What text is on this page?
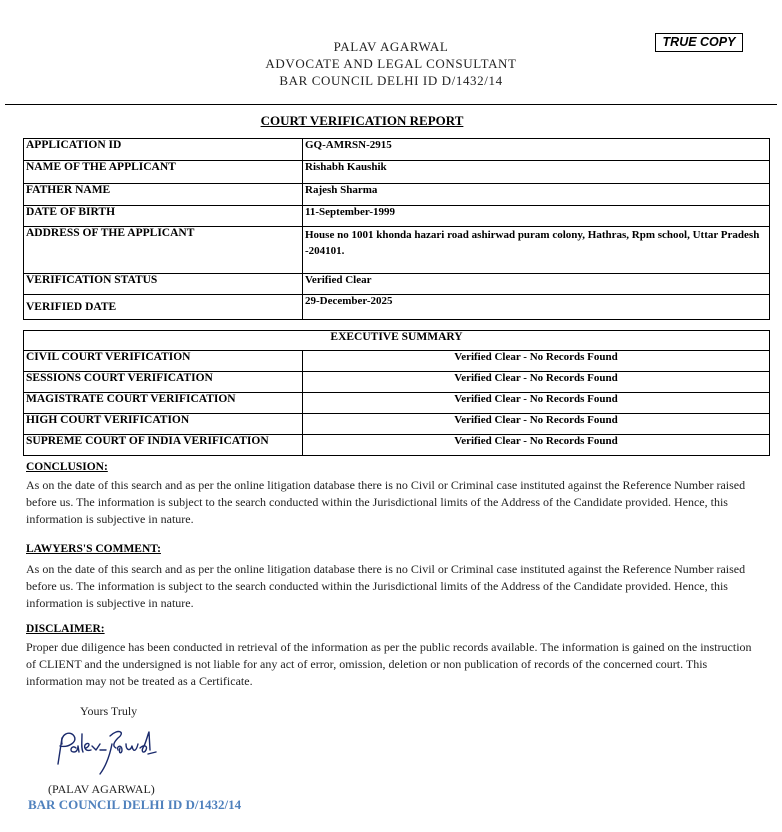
PALAV AGARWAL
ADVOCATE AND LEGAL CONSULTANT
BAR COUNCIL DELHI ID D/1432/14
TRUE COPY
COURT VERIFICATION REPORT
APPLICATION ID	GQ-AMRSN-2915
NAME OF THE APPLICANT	Rishabh Kaushik
FATHER NAME	Rajesh Sharma
DATE OF BIRTH	11-September-1999
ADDRESS OF THE APPLICANT	House no 1001 khonda hazari road ashirwad puram colony, Hathras, Rpm school, Uttar Pradesh -204101.
VERIFICATION STATUS	Verified Clear
VERIFIED DATE	29-December-2025
EXECUTIVE SUMMARY	
CIVIL COURT VERIFICATION	Verified Clear - No Records Found
SESSIONS COURT VERIFICATION	Verified Clear - No Records Found
MAGISTRATE COURT VERIFICATION	Verified Clear - No Records Found
HIGH COURT VERIFICATION	Verified Clear - No Records Found
SUPREME COURT OF INDIA VERIFICATION	Verified Clear - No Records Found
CONCLUSION:
As on the date of this search and as per the online litigation database there is no Civil or Criminal case instituted against the Reference Number raised before us. The information is subject to the search conducted within the Jurisdictional limits of the Address of the Candidate provided. Hence, this information is subjective in nature.
LAWYERS'S COMMENT:
As on the date of this search and as per the online litigation database there is no Civil or Criminal case instituted against the Reference Number raised before us. The information is subject to the search conducted within the Jurisdictional limits of the Address of the Candidate provided. Hence, this information is subjective in nature.
DISCLAIMER:
Proper due diligence has been conducted in retrieval of the information as per the public records available. The information is gained on the instruction of CLIENT and the undersigned is not liable for any act of error, omission, deletion or non publication of records of the concerned court. This information may not be treated as a Certificate.
Yours Truly
(PALAV AGARWAL)
BAR COUNCIL DELHI ID D/1432/14
